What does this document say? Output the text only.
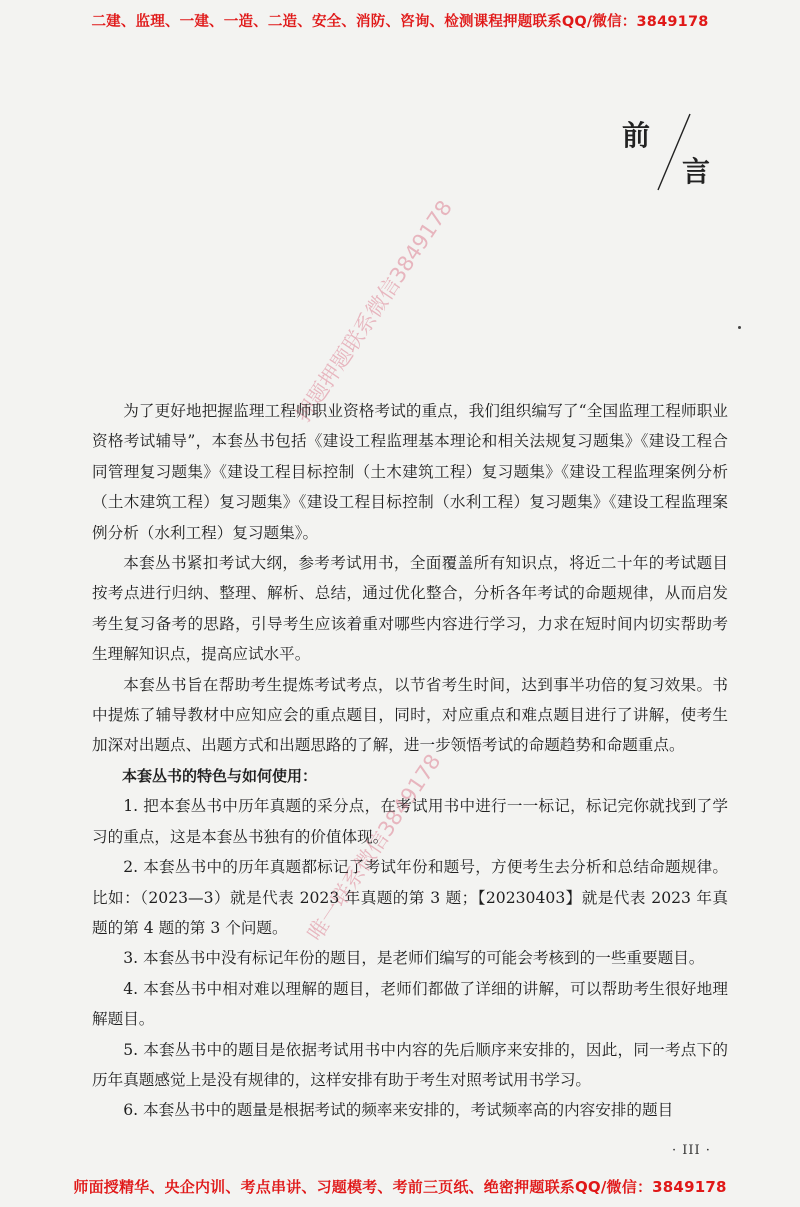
二建、监理、一建、一造、二造、安全、消防、咨询、检测课程押题联系QQ/微信：3849178
前
言
押题押题联系微信3849178
唯一联系微信3849178

为了更好地把握监理工程师职业资格考试的重点，我们组织编写了“全国监理工程师职业资格考试辅导”，本套丛书包括《建设工程监理基本理论和相关法规复习题集》《建设工程合同管理复习题集》《建设工程目标控制（土木建筑工程）复习题集》《建设工程监理案例分析（土木建筑工程）复习题集》《建设工程目标控制（水利工程）复习题集》《建设工程监理案例分析（水利工程）复习题集》。

本套丛书紧扣考试大纲，参考考试用书，全面覆盖所有知识点，将近二十年的考试题目按考点进行归纳、整理、解析、总结，通过优化整合，分析各年考试的命题规律，从而启发考生复习备考的思路，引导考生应该着重对哪些内容进行学习，力求在短时间内切实帮助考生理解知识点，提高应试水平。

本套丛书旨在帮助考生提炼考试考点，以节省考生时间，达到事半功倍的复习效果。书中提炼了辅导教材中应知应会的重点题目，同时，对应重点和难点题目进行了讲解，使考生加深对出题点、出题方式和出题思路的了解，进一步领悟考试的命题趋势和命题重点。

本套丛书的特色与如何使用：

1. 把本套丛书中历年真题的采分点，在考试用书中进行一一标记，标记完你就找到了学习的重点，这是本套丛书独有的价值体现。

2. 本套丛书中的历年真题都标记了考试年份和题号，方便考生去分析和总结命题规律。比如：（2023—3）就是代表 2023 年真题的第 3 题；【20230403】就是代表 2023 年真题的第 4 题的第 3 个问题。

3. 本套丛书中没有标记年份的题目，是老师们编写的可能会考核到的一些重要题目。

4. 本套丛书中相对难以理解的题目，老师们都做了详细的讲解，可以帮助考生很好地理解题目。

5. 本套丛书中的题目是依据考试用书中内容的先后顺序来安排的，因此，同一考点下的历年真题感觉上是没有规律的，这样安排有助于考生对照考试用书学习。

6. 本套丛书中的题量是根据考试的频率来安排的，考试频率高的内容安排的题目

· III ·
师面授精华、央企内训、考点串讲、习题模考、考前三页纸、绝密押题联系QQ/微信：3849178
